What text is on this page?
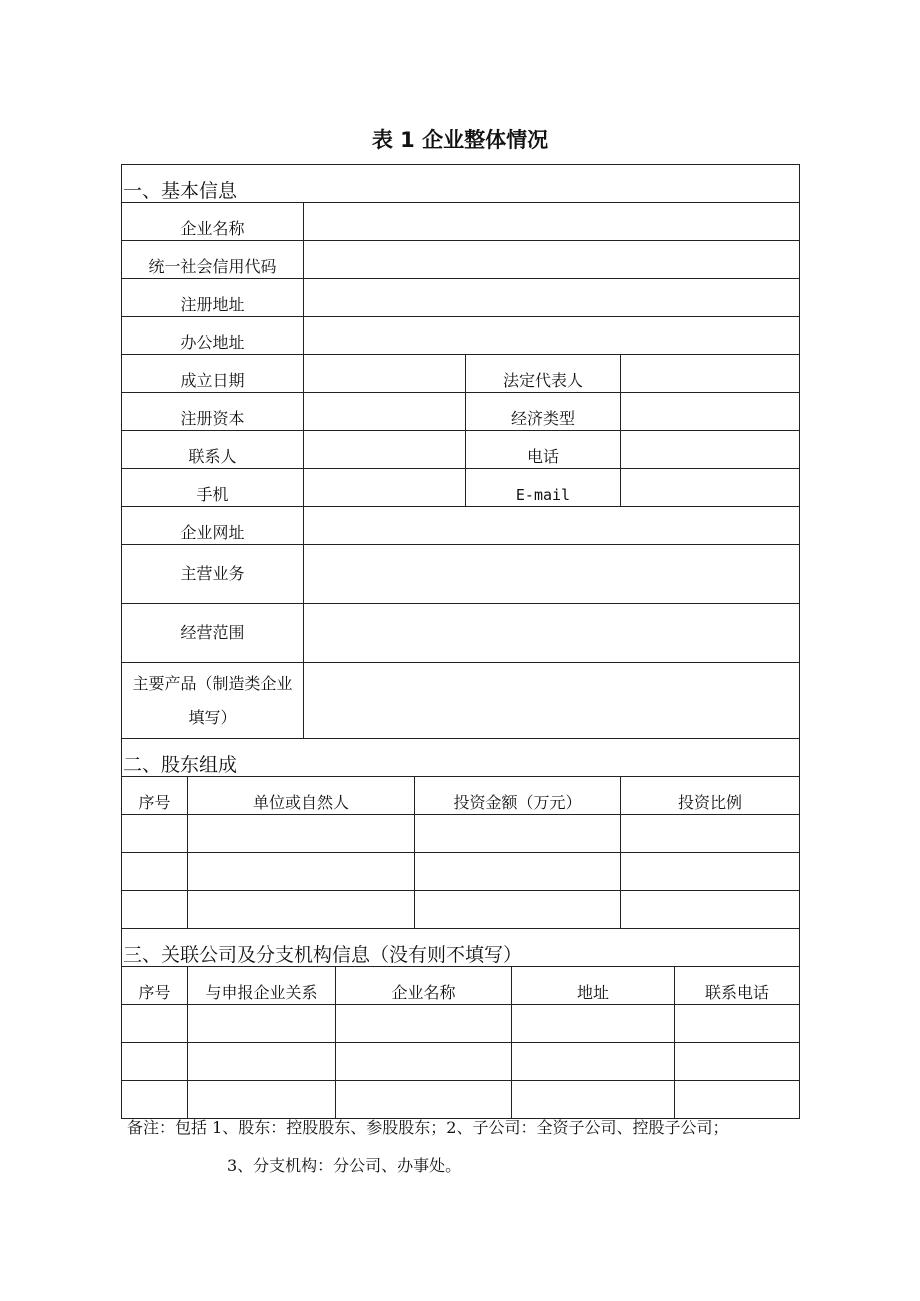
表 1 企业整体情况
一、基本信息			
企业名称			
统一社会信用代码			
注册地址			
办公地址			
成立日期		法定代表人	
注册资本		经济类型	
联系人		电话	
手机		E-mail	
企业网址			
主营业务			
经营范围			
主要产品（制造类企业
填写）			
二、股东组成			
序号	单位或自然人	投资金额（万元）	投资比例

三、关联公司及分支机构信息（没有则不填写）				
序号	与申报企业关系	企业名称	地址	联系电话

备注：包括 1、股东：控股股东、参股股东；2、子公司：全资子公司、控股子公司；
3、分支机构：分公司、办事处。
